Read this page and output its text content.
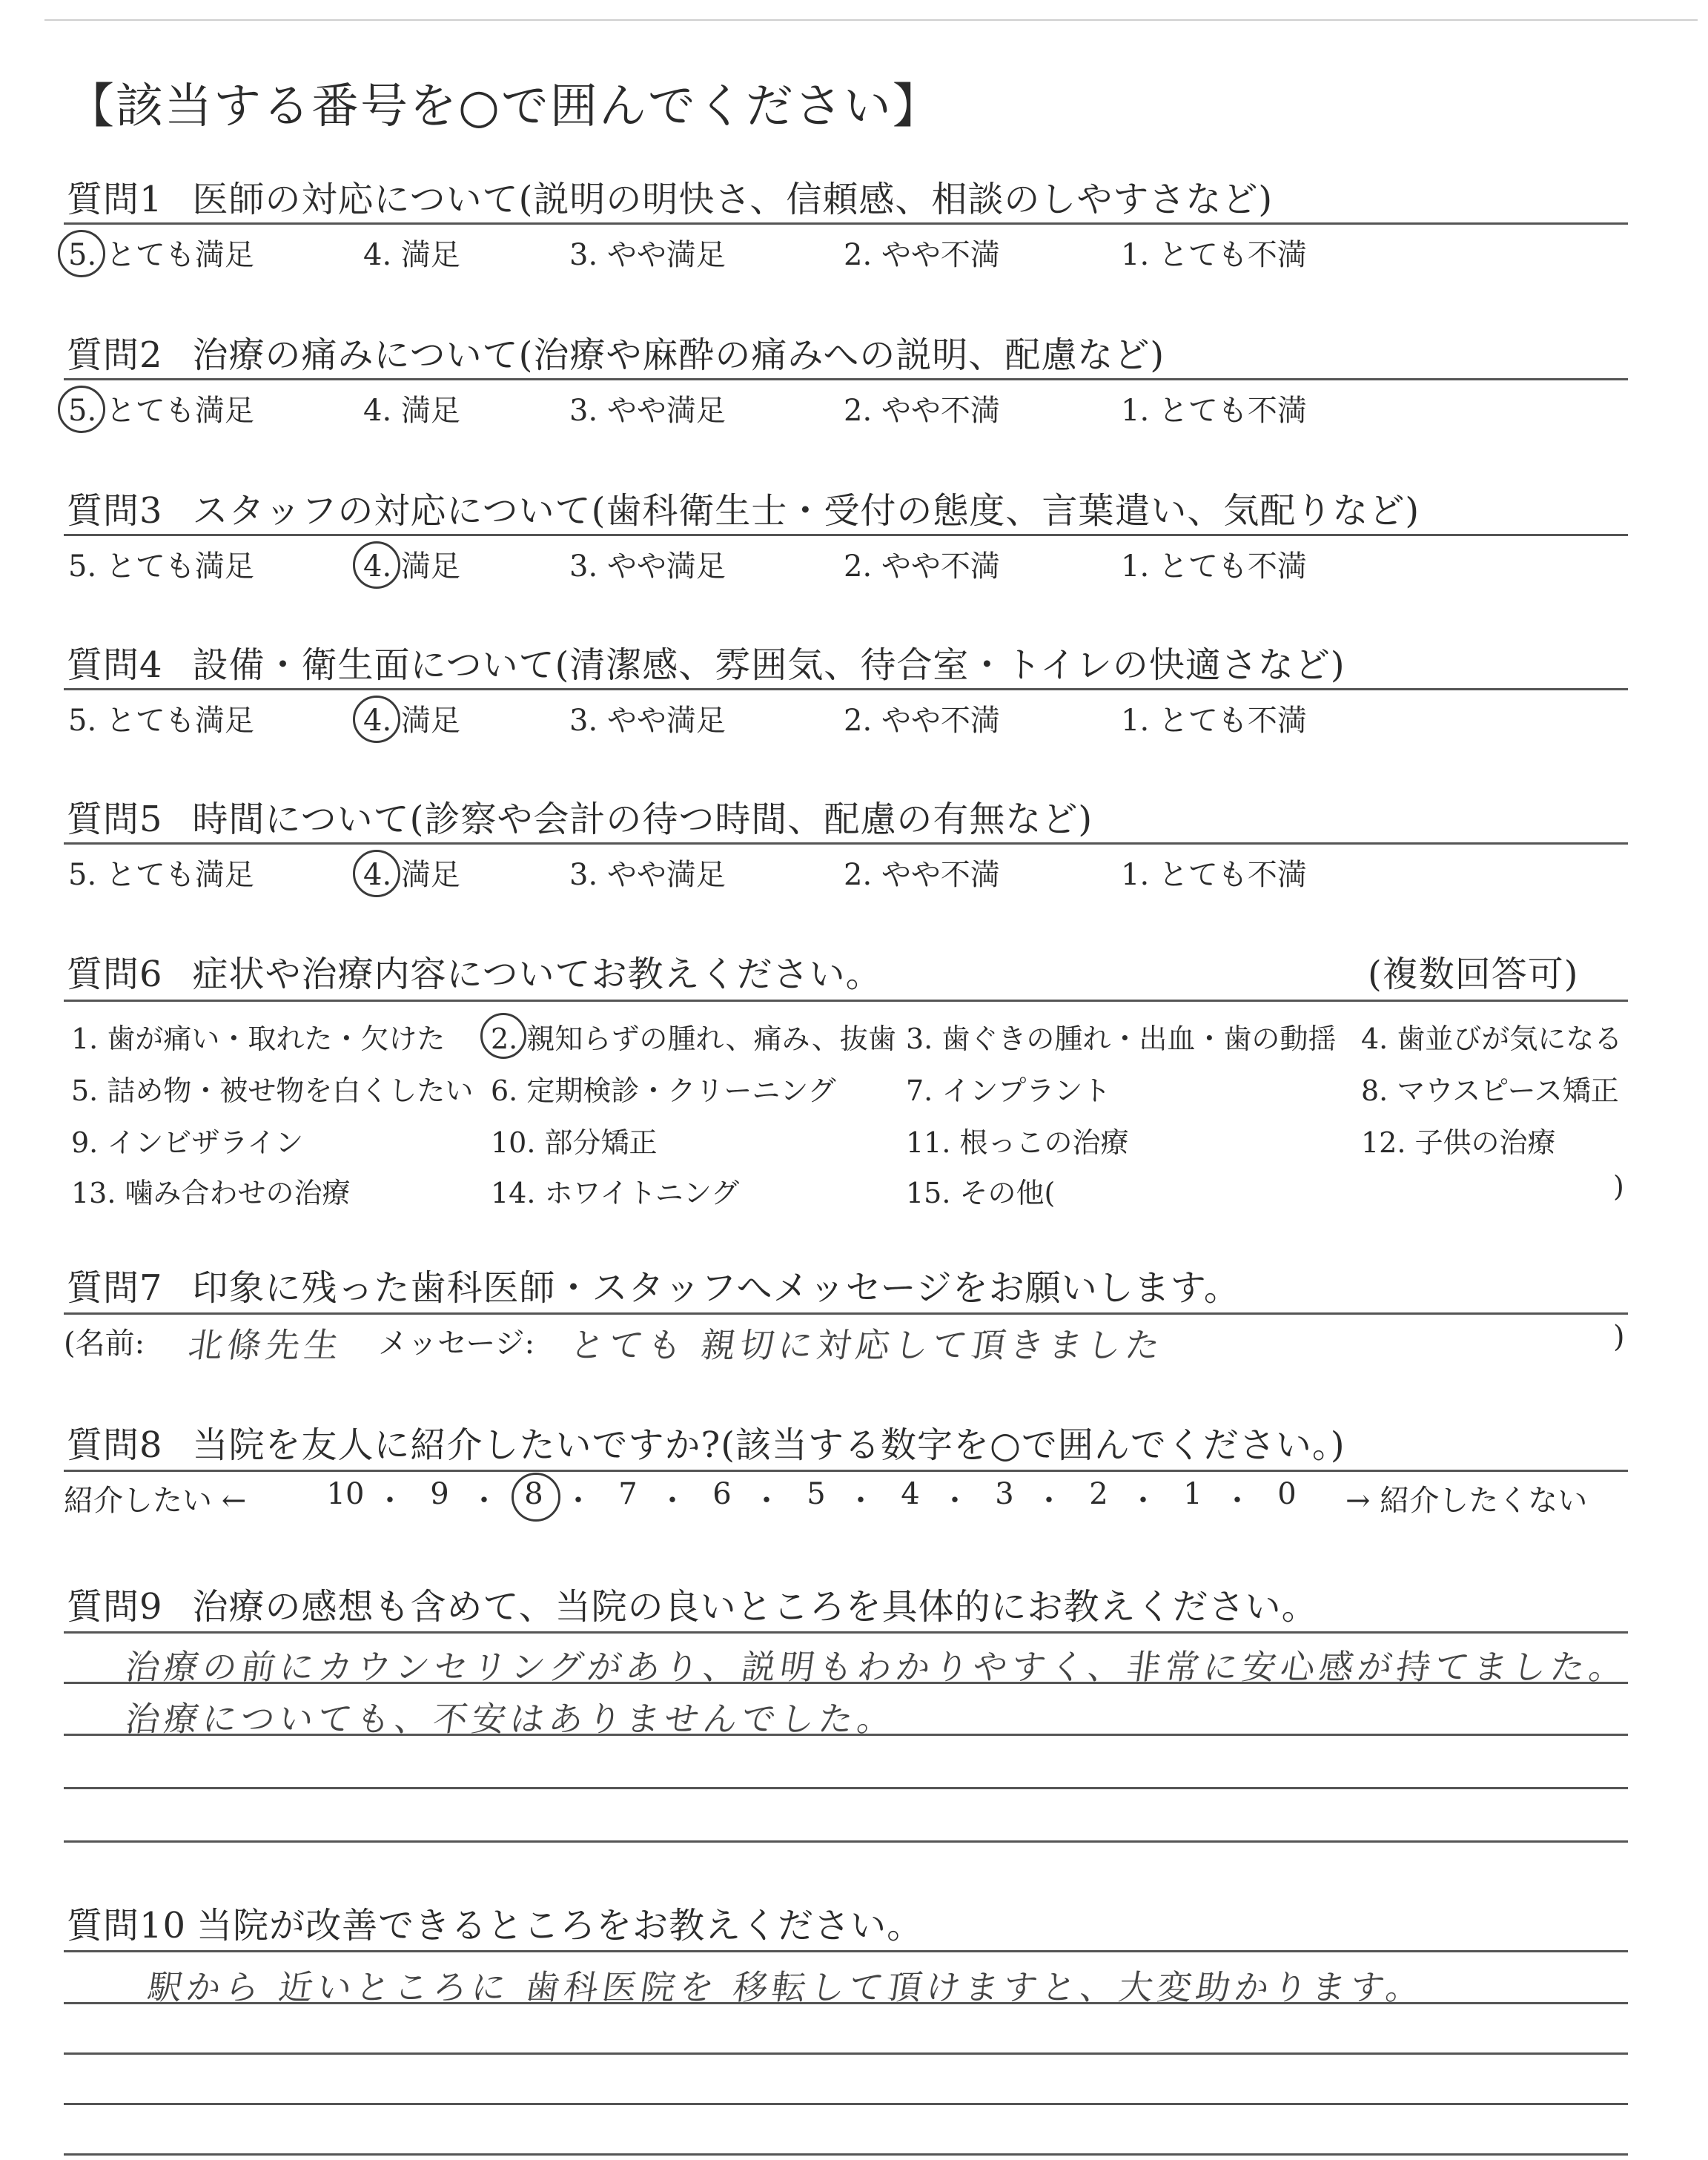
【該当する番号を○で囲んでください】
質問1 医師の対応について(説明の明快さ、信頼感、相談のしやすさなど)
5. とても満足	4. 満足	3. やや満足	2. やや不満	1. とても不満
質問2 治療の痛みについて(治療や麻酔の痛みへの説明、配慮など)
5. とても満足	4. 満足	3. やや満足	2. やや不満	1. とても不満
質問3 スタッフの対応について(歯科衛生士・受付の態度、言葉遣い、気配りなど)
5. とても満足	4. 満足	3. やや満足	2. やや不満	1. とても不満
質問4 設備・衛生面について(清潔感、雰囲気、待合室・トイレの快適さなど)
5. とても満足	4. 満足	3. やや満足	2. やや不満	1. とても不満
質問5 時間について(診察や会計の待つ時間、配慮の有無など)
5. とても満足	4. 満足	3. やや満足	2. やや不満	1. とても不満
質問6 症状や治療内容についてお教えください。	(複数回答可)
1. 歯が痛い・取れた・欠けた 2. 親知らずの腫れ、痛み、抜歯 3. 歯ぐきの腫れ・出血・歯の動揺 4. 歯並びが気になる
5. 詰め物・被せ物を白くしたい 6. 定期検診・クリーニング 7. インプラント	8. マウスピース矯正
9. インビザライン	10. 部分矯正	11. 根っこの治療	12. 子供の治療
13. 噛み合わせの治療	14. ホワイトニング	15. その他(	)
質問7 印象に残った歯科医師・スタッフへメッセージをお願いします。
(名前: 北條先生 メッセージ: とても 親切に対応して頂きました	)
質問8 当院を友人に紹介したいですか?(該当する数字を○で囲んでください。)
紹介したい ←	10 ・ 9 ・ 8 ・ 7 ・ 6 ・ 5 ・ 4 ・ 3 ・ 2 ・ 1 ・ 0	→ 紹介したくない
質問9 治療の感想も含めて、当院の良いところを具体的にお教えください。
治療の前にカウンセリングがあり、説明もわかりやすく、非常に安心感が持てました。
治療についても、不安はありませんでした。
質問10 当院が改善できるところをお教えください。
駅から 近いところに 歯科医院を 移転して頂けますと、大変助かります。
